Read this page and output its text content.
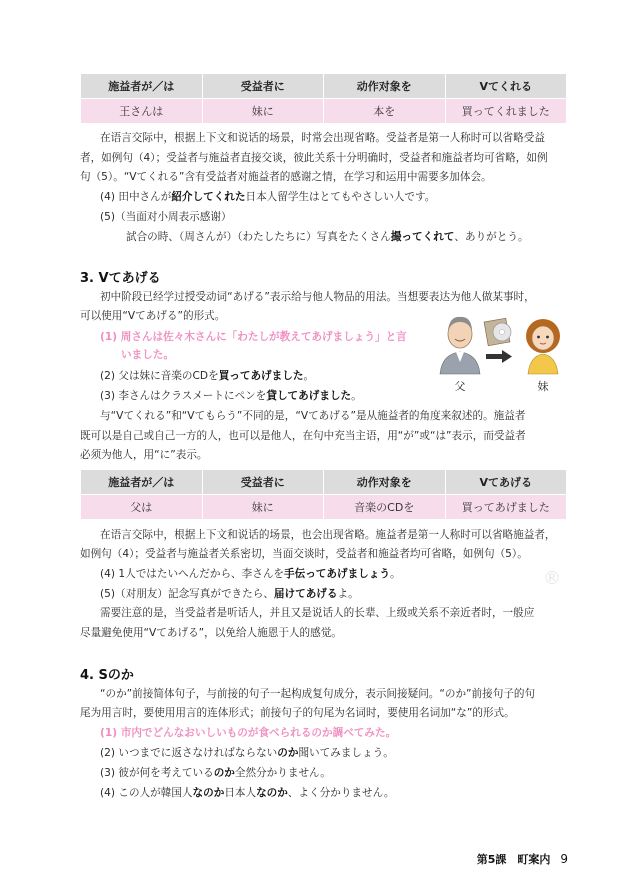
施益者が／は	受益者に	动作对象を	Vてくれる
王さんは	妹に	本を	買ってくれました
在语言交际中，根据上下文和说话的场景，时常会出现省略。受益者是第一人称时可以省略受益
者，如例句（4）；受益者与施益者直接交谈，彼此关系十分明确时，受益者和施益者均可省略，如例
句（5）。“Vてくれる”含有受益者对施益者的感谢之情，在学习和运用中需要多加体会。
(4) 田中さんが紹介してくれた日本人留学生はとてもやさしい人です。
(5)（当面对小周表示感谢）
試合の時、（周さんが）（わたしたちに）写真をたくさん撮ってくれて、ありがとう。
3. Vてあげる
初中阶段已经学过授受动词“あげる”表示给与他人物品的用法。当想要表达为他人做某事时，
可以使用“Vてあげる”的形式。
(1) 周さんは佐々木さんに「わたしが教えてあげましょう」と言
いました。
(2) 父は妹に音楽のCDを買ってあげました。
(3) 李さんはクラスメートにペンを貸してあげました。
父	妹
与“Vてくれる”和“Vてもらう”不同的是，“Vてあげる”是从施益者的角度来叙述的。施益者
既可以是自己或自己一方的人，也可以是他人，在句中充当主语，用“が”或“は”表示，而受益者
必须为他人，用“に”表示。
施益者が／は	受益者に	动作对象を	Vてあげる
父は	妹に	音楽のCDを	買ってあげました
在语言交际中，根据上下文和说话的场景，也会出现省略。施益者是第一人称时可以省略施益者，
如例句（4）；受益者与施益者关系密切，当面交谈时，受益者和施益者均可省略，如例句（5）。
(4) 1人ではたいへんだから、李さんを手伝ってあげましょう。
(5)（对朋友）記念写真ができたら、届けてあげるよ。
需要注意的是，当受益者是听话人，并且又是说话人的长辈、上级或关系不亲近者时，一般应
尽量避免使用“Vてあげる”，以免给人施恩于人的感觉。
®
4. Sのか
“のか”前接简体句子，与前接的句子一起构成复句成分，表示间接疑问。“のか”前接句子的句
尾为用言时，要使用用言的连体形式；前接句子的句尾为名词时，要使用名词加“な”的形式。
(1) 市内でどんなおいしいものが食べられるのか調べてみた。
(2) いつまでに返さなければならないのか聞いてみましょう。
(3) 彼が何を考えているのか全然分かりません。
(4) この人が韓国人なのか日本人なのか、よく分かりません。
第5課　町案内 9
